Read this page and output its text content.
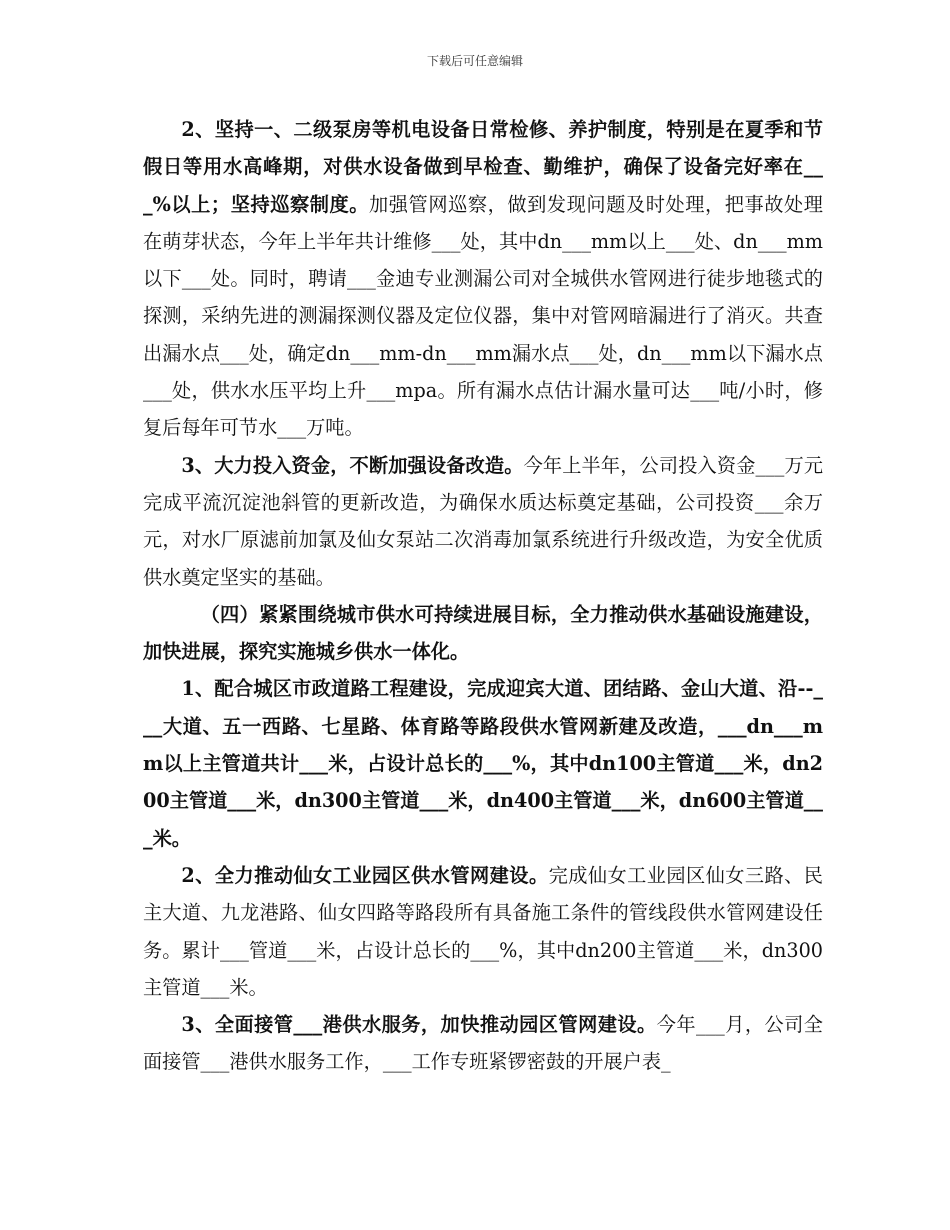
下载后可任意编辑

2、坚持一、二级泵房等机电设备日常检修、养护制度，特别是在夏季和节假日等用水高峰期，对供水设备做到早检查、勤维护，确保了设备完好率在___%以上；坚持巡察制度。加强管网巡察，做到发现问题及时处理，把事故处理在萌芽状态，今年上半年共计维修___处，其中dn___mm以上___处、dn___mm以下___处。同时，聘请___金迪专业测漏公司对全城供水管网进行徒步地毯式的探测，采纳先进的测漏探测仪器及定位仪器，集中对管网暗漏进行了消灭。共查出漏水点___处，确定dn___mm-dn___mm漏水点___处，dn___mm以下漏水点___处，供水水压平均上升___mpa。所有漏水点估计漏水量可达___吨/小时，修复后每年可节水___万吨。

3、大力投入资金，不断加强设备改造。今年上半年，公司投入资金___万元完成平流沉淀池斜管的更新改造，为确保水质达标奠定基础，公司投资___余万元，对水厂原滤前加氯及仙女泵站二次消毒加氯系统进行升级改造，为安全优质供水奠定坚实的基础。

（四）紧紧围绕城市供水可持续进展目标，全力推动供水基础设施建设，加快进展，探究实施城乡供水一体化。

1、配合城区市政道路工程建设，完成迎宾大道、团结路、金山大道、沿--___大道、五一西路、七星路、体育路等路段供水管网新建及改造，___dn___mm以上主管道共计___米，占设计总长的___%，其中dn100主管道___米，dn200主管道___米，dn300主管道___米，dn400主管道___米，dn600主管道___米。

2、全力推动仙女工业园区供水管网建设。完成仙女工业园区仙女三路、民主大道、九龙港路、仙女四路等路段所有具备施工条件的管线段供水管网建设任务。累计___管道___米，占设计总长的___%，其中dn200主管道___米，dn300主管道___米。

3、全面接管___港供水服务，加快推动园区管网建设。今年___月，公司全面接管___港供水服务工作，___工作专班紧锣密鼓的开展户表_
